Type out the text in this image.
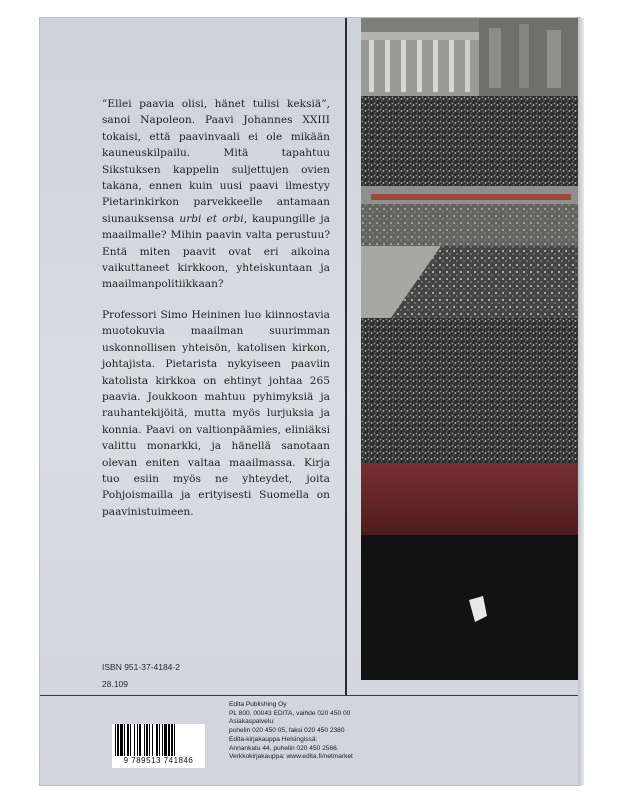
”Ellei paavia olisi, hänet tulisi keksiä”, sanoi Napoleon. Paavi Johannes XXIII tokaisi, että paavinvaali ei ole mikään kauneuskilpailu. Mitä tapahtuu Sikstuksen kappelin suljettujen ovien takana, ennen kuin uusi paavi ilmestyy Pietarinkirkon parvekkeelle antamaan siunauksensa urbi et orbi, kaupungille ja maailmalle? Mihin paavin valta perustuu? Entä miten paavit ovat eri aikoina vaikuttaneet kirkkoon, yhteiskuntaan ja maailmanpolitiikkaan?

Professori Simo Heininen luo kiinnostavia muotokuvia maailman suurimman uskonnollisen yhteisön, katolisen kirkon, johtajista. Pietarista nykyiseen paaviin katolista kirkkoa on ehtinyt johtaa 265 paavia. Joukkoon mahtuu pyhimyksiä ja rauhantekijöitä, mutta myös lurjuksia ja konnia. Paavi on valtionpäämies, eliniäksi valittu monarkki, ja hänellä sanotaan olevan eniten valtaa maailmassa. Kirja tuo esiin myös ne yhteydet, joita Pohjoismailla ja erityisesti Suomella on paavinistuimeen.

ISBN 951-37-4184-2
28.109
9 789513 741846
Edita Publishing Oy
PL 800, 00043 EDITA, vaihde 020 450 00
Asiakaspalvelu:
puhelin 020 450 05, faksi 020 450 2380
Edita-kirjakauppa Helsingissä:
Annankatu 44, puhelin 020 450 2566.
Verkkokirjakauppa: www.edita.fi/netmarket
